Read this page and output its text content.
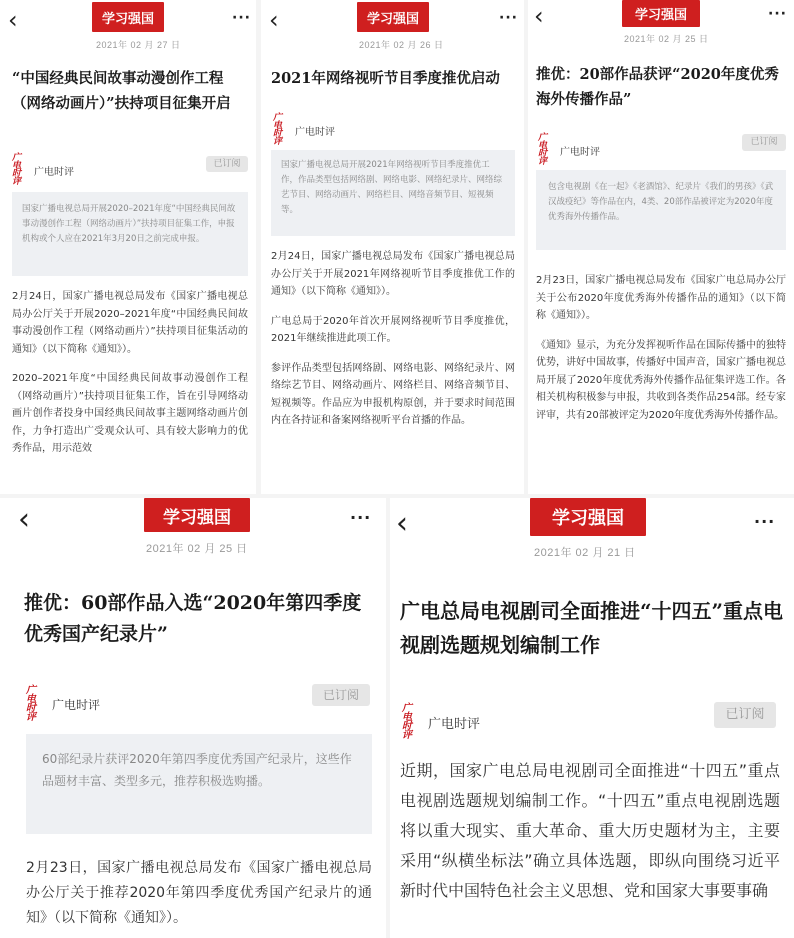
‹	学习强国	···
2021年 02 月 27 日
“中国经典民间故事动漫创作工程（网络动画片）”扶持项目征集开启
广电 时评
广电时评
已订阅
国家广播电视总局开展2020–2021年度“中国经典民间故事动漫创作工程（网络动画片）”扶持项目征集工作，申报机构或个人应在2021年3月20日之前完成申报。

2月24日，国家广播电视总局发布《国家广播电视总局办公厅关于开展2020–2021年度“中国经典民间故事动漫创作工程（网络动画片）”扶持项目征集活动的通知》（以下简称《通知》）。

2020–2021年度“中国经典民间故事动漫创作工程（网络动画片）”扶持项目征集工作，旨在引导网络动画片创作者投身中国经典民间故事主题网络动画片创作，力争打造出广受观众认可、具有较大影响力的优秀作品，用示范效

‹	学习强国	···
2021年 02 月 26 日
2021年网络视听节目季度推优启动
广电 时评
广电时评
国家广播电视总局开展2021年网络视听节目季度推优工作，作品类型包括网络剧、网络电影、网络纪录片、网络综艺节目、网络动画片、网络栏目、网络音频节目、短视频等。

2月24日，国家广播电视总局发布《国家广播电视总局办公厅关于开展2021年网络视听节目季度推优工作的通知》（以下简称《通知》）。

广电总局于2020年首次开展网络视听节目季度推优，2021年继续推进此项工作。

参评作品类型包括网络剧、网络电影、网络纪录片、网络综艺节目、网络动画片、网络栏目、网络音频节目、短视频等。作品应为申报机构原创，并于要求时间范围内在各持证和备案网络视听平台首播的作品。

‹	学习强国	···
2021年 02 月 25 日
推优：20部作品获评“2020年度优秀海外传播作品”
广电 时评
广电时评
已订阅
包含电视剧《在一起》《老酒馆》、纪录片《我们的男孩》《武汉战疫纪》等作品在内，4类、20部作品被评定为2020年度优秀海外传播作品。

2月23日，国家广播电视总局发布《国家广电总局办公厅关于公布2020年度优秀海外传播作品的通知》（以下简称《通知》）。

《通知》显示，为充分发挥视听作品在国际传播中的独特优势，讲好中国故事，传播好中国声音，国家广播电视总局开展了2020年度优秀海外传播作品征集评选工作。各相关机构积极参与申报，共收到各类作品254部。经专家评审，共有20部被评定为2020年度优秀海外传播作品。

‹	学习强国	···
2021年 02 月 25 日
推优：60部作品入选“2020年第四季度优秀国产纪录片”
广电 时评
广电时评
已订阅
60部纪录片获评2020年第四季度优秀国产纪录片，这些作品题材丰富、类型多元，推荐积极选购播。

2月23日，国家广播电视总局发布《国家广播电视总局办公厅关于推荐2020年第四季度优秀国产纪录片的通知》（以下简称《通知》）。

‹	学习强国	···
2021年 02 月 21 日
广电总局电视剧司全面推进“十四五”重点电视剧选题规划编制工作
广电 时评
广电时评
已订阅

近期，国家广电总局电视剧司全面推进“十四五”重点电视剧选题规划编制工作。“十四五”重点电视剧选题将以重大现实、重大革命、重大历史题材为主，主要采用“纵横坐标法”确立具体选题，即纵向围绕习近平新时代中国特色社会主义思想、党和国家大事要事确
